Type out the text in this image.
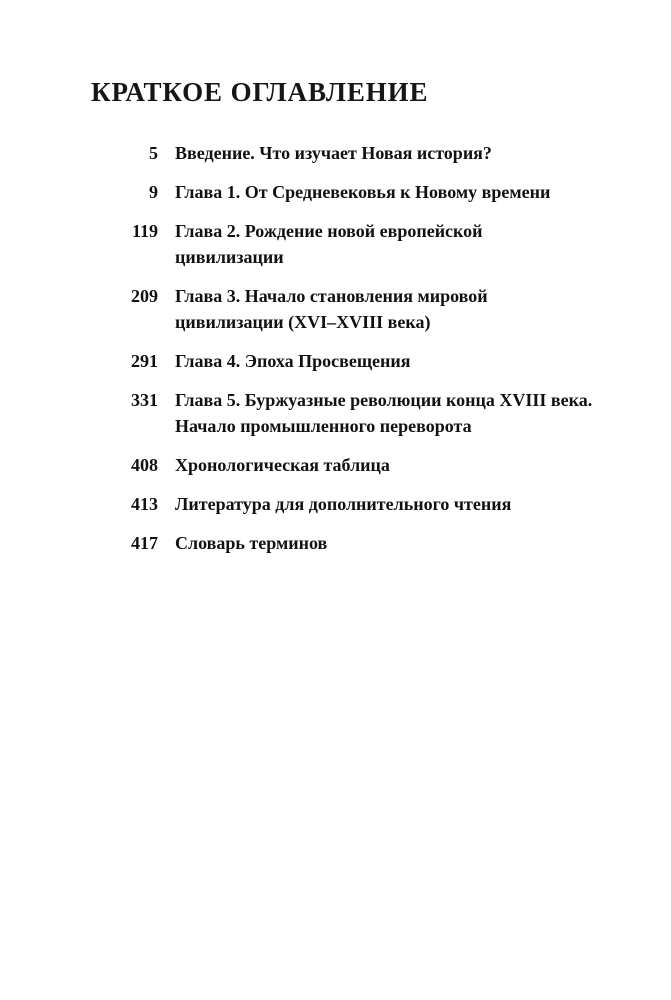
КРАТКОЕ ОГЛАВЛЕНИЕ
5 Введение. Что изучает Новая история?
9 Глава 1. От Средневековья к Новому времени
119 Глава 2. Рождение новой европейской
цивилизации
209 Глава 3. Начало становления мировой
цивилизации (XVI–XVIII века)
291 Глава 4. Эпоха Просвещения
331 Глава 5. Буржуазные революции конца XVIII века.
Начало промышленного переворота
408 Хронологическая таблица
413 Литература для дополнительного чтения
417 Словарь терминов
